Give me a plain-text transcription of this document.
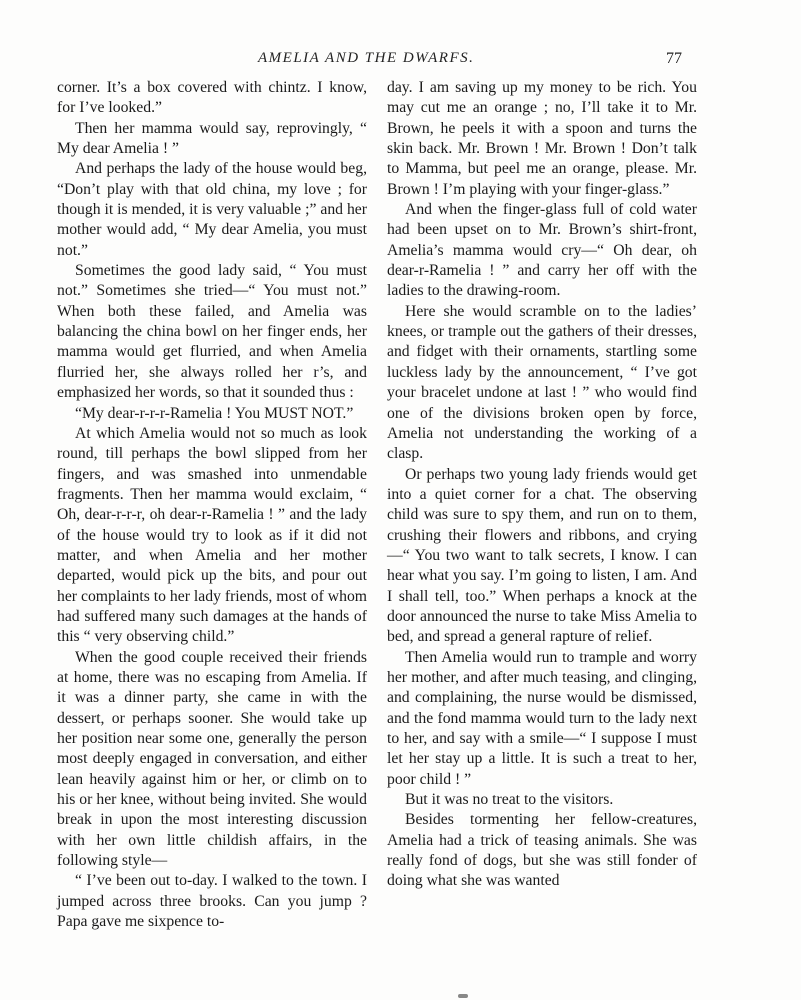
AMELIA AND THE DWARFS.	77

corner. It’s a box covered with chintz. I know, for I’ve looked.”

Then her mamma would say, reprovingly, “ My dear Amelia ! ”

And perhaps the lady of the house would beg, “Don’t play with that old china, my love ; for though it is mended, it is very valuable ;” and her mother would add, “ My dear Amelia, you must not.”

Sometimes the good lady said, “ You must not.” Sometimes she tried—“ You must not.” When both these failed, and Amelia was balancing the china bowl on her finger ends, her mamma would get flurried, and when Amelia flurried her, she always rolled her r’s, and emphasized her words, so that it sounded thus :

“My dear-r-r-r-Ramelia ! You MUST NOT.”

At which Amelia would not so much as look round, till perhaps the bowl slipped from her fingers, and was smashed into unmendable fragments. Then her mamma would exclaim, “ Oh, dear-r-r-r, oh dear-r-Ramelia ! ” and the lady of the house would try to look as if it did not matter, and when Amelia and her mother departed, would pick up the bits, and pour out her complaints to her lady friends, most of whom had suffered many such damages at the hands of this “ very observing child.”

When the good couple received their friends at home, there was no escaping from Amelia. If it was a dinner party, she came in with the dessert, or perhaps sooner. She would take up her position near some one, generally the person most deeply engaged in conversation, and either lean heavily against him or her, or climb on to his or her knee, without being invited. She would break in upon the most interesting discussion with her own little childish affairs, in the following style—

“ I’ve been out to-day. I walked to the town. I jumped across three brooks. Can you jump ? Papa gave me sixpence to-

day. I am saving up my money to be rich. You may cut me an orange ; no, I’ll take it to Mr. Brown, he peels it with a spoon and turns the skin back. Mr. Brown ! Mr. Brown ! Don’t talk to Mamma, but peel me an orange, please. Mr. Brown ! I’m playing with your finger-glass.”

And when the finger-glass full of cold water had been upset on to Mr. Brown’s shirt-front, Amelia’s mamma would cry—“ Oh dear, oh dear-r-Ramelia ! ” and carry her off with the ladies to the drawing-room.

Here she would scramble on to the ladies’ knees, or trample out the gathers of their dresses, and fidget with their ornaments, startling some luckless lady by the announcement, “ I’ve got your bracelet undone at last ! ” who would find one of the divisions broken open by force, Amelia not understanding the working of a clasp.

Or perhaps two young lady friends would get into a quiet corner for a chat. The observing child was sure to spy them, and run on to them, crushing their flowers and ribbons, and crying—“ You two want to talk secrets, I know. I can hear what you say. I’m going to listen, I am. And I shall tell, too.” When perhaps a knock at the door announced the nurse to take Miss Amelia to bed, and spread a general rapture of relief.

Then Amelia would run to trample and worry her mother, and after much teasing, and clinging, and complaining, the nurse would be dismissed, and the fond mamma would turn to the lady next to her, and say with a smile—“ I suppose I must let her stay up a little. It is such a treat to her, poor child ! ”

But it was no treat to the visitors.

Besides tormenting her fellow-creatures, Amelia had a trick of teasing animals. She was really fond of dogs, but she was still fonder of doing what she was wanted
